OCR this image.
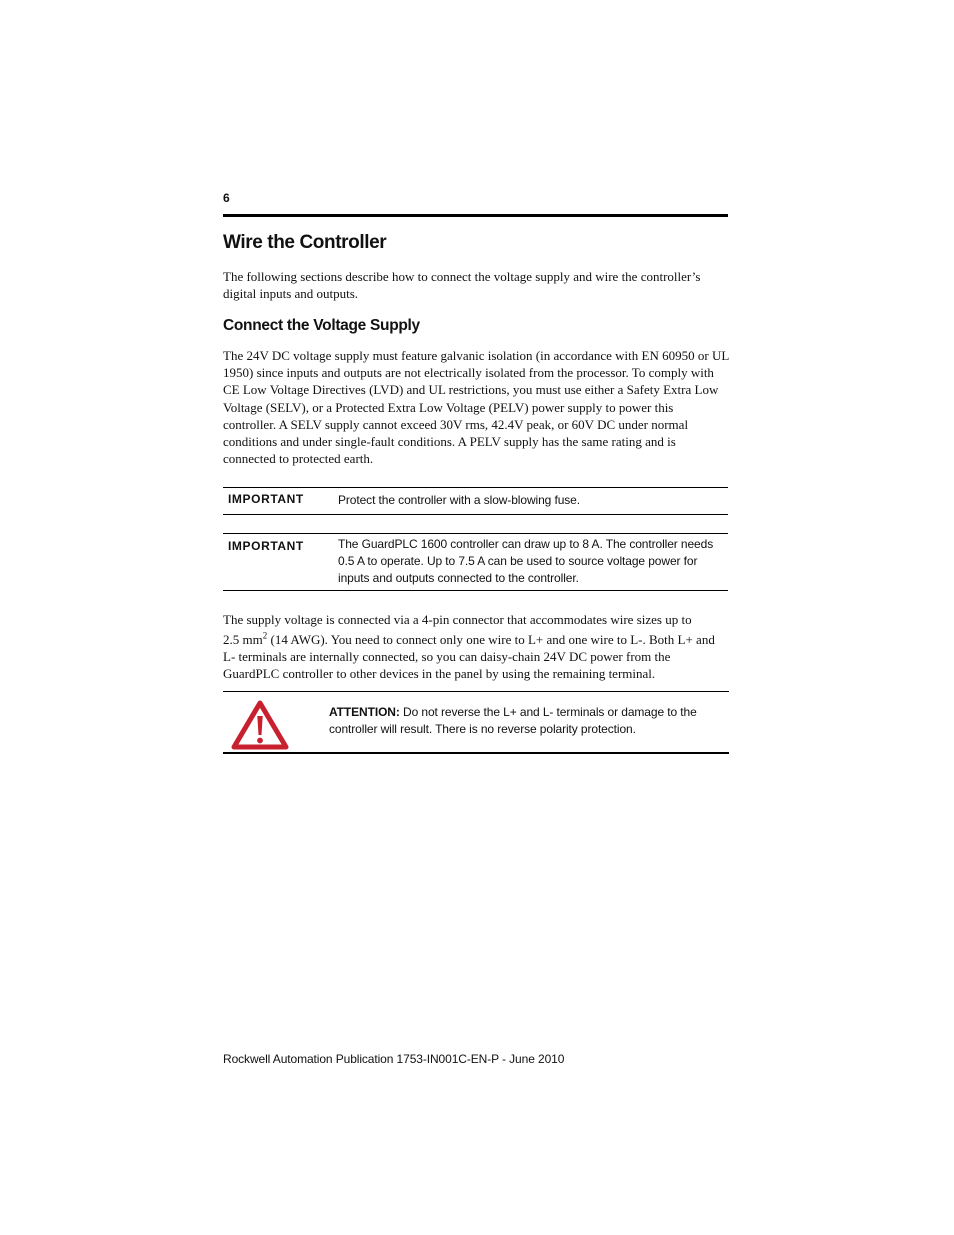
6
Wire the Controller

The following sections describe how to connect the voltage supply and wire the controller’s digital inputs and outputs.

Connect the Voltage Supply

The 24V DC voltage supply must feature galvanic isolation (in accordance with EN 60950 or UL 1950) since inputs and outputs are not electrically isolated from the processor. To comply with CE Low Voltage Directives (LVD) and UL restrictions, you must use either a Safety Extra Low Voltage (SELV), or a Protected Extra Low Voltage (PELV) power supply to power this controller. A SELV supply cannot exceed 30V rms, 42.4V peak, or 60V DC under normal conditions and under single-fault conditions. A PELV supply has the same rating and is connected to protected earth.

IMPORTANT	Protect the controller with a slow-blowing fuse.
IMPORTANT	The GuardPLC 1600 controller can draw up to 8 A. The controller needs 0.5 A to operate. Up to 7.5 A can be used to source voltage power for inputs and outputs connected to the controller.

The supply voltage is connected via a 4-pin connector that accommodates wire sizes up to
2.5 $mm^2$ (14 AWG). You need to connect only one wire to L+ and one wire to L-. Both L+ and L- terminals are internally connected, so you can daisy-chain 24V DC power from the GuardPLC controller to other devices in the panel by using the remaining terminal.

ATTENTION: Do not reverse the L+ and L- terminals or damage to the controller will result. There is no reverse polarity protection.
Rockwell Automation Publication 1753-IN001C-EN-P - June 2010
